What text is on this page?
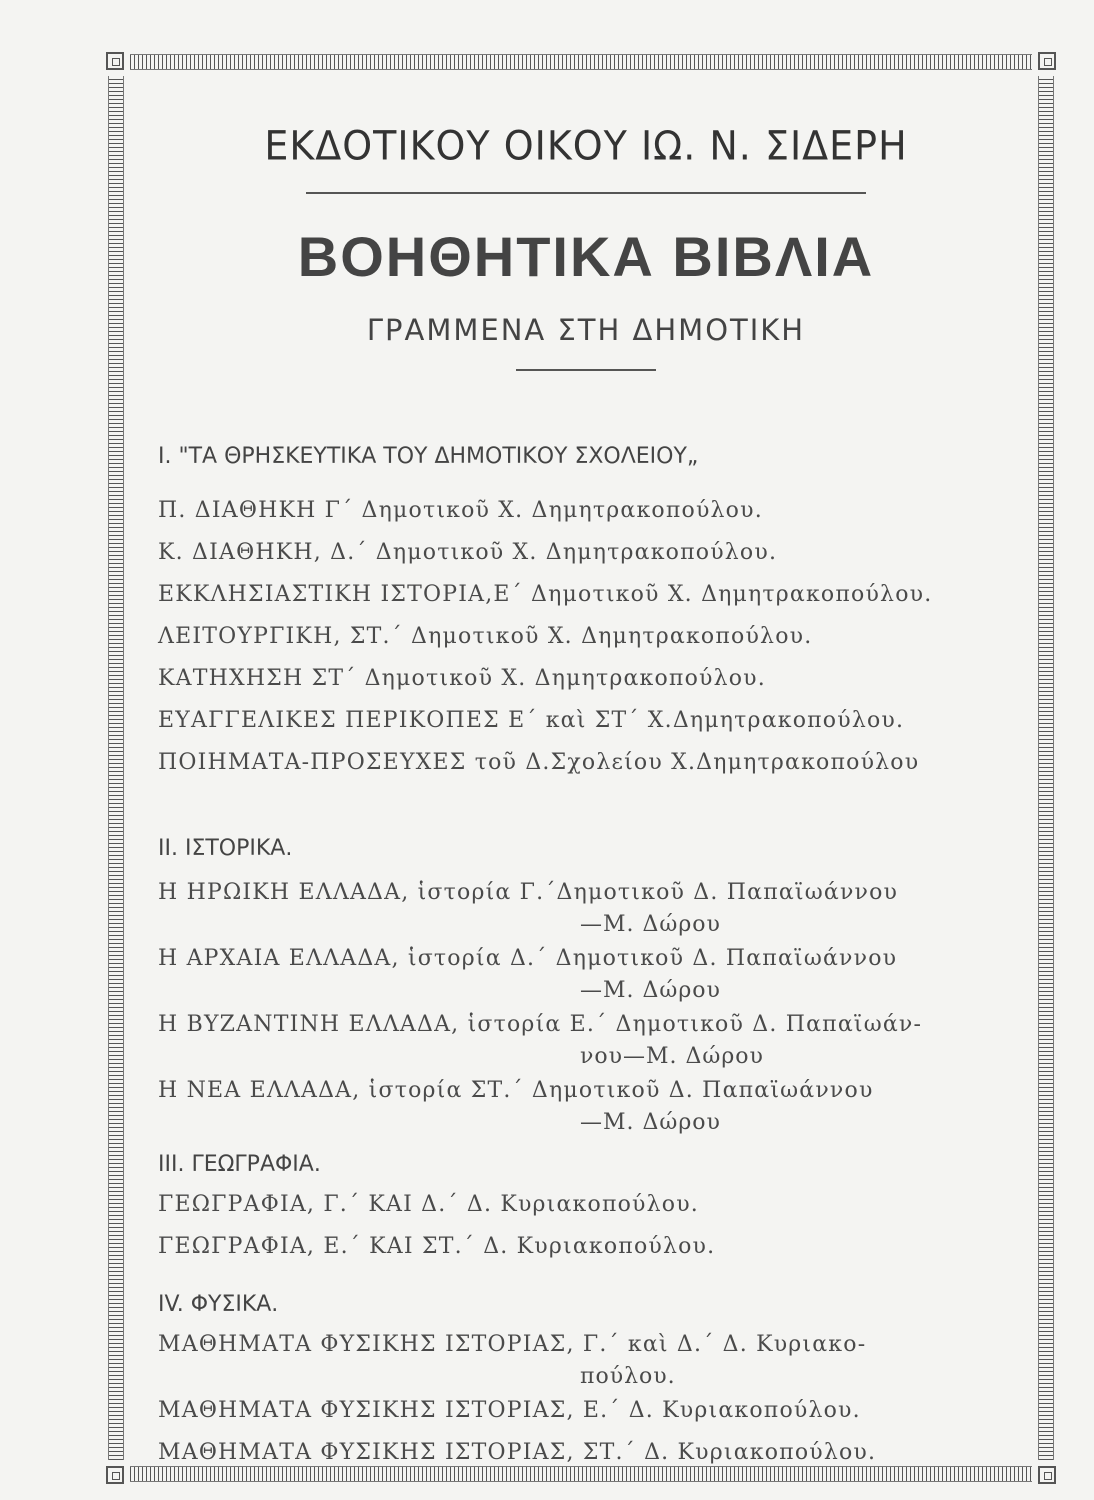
ΕΚΔΟΤΙΚΟΥ ΟΙΚΟΥ ΙΩ. Ν. ΣΙΔΕΡΗ
ΒΟΗΘΗΤΙΚΑ ΒΙΒΛΙΑ
ΓΡΑΜΜΕΝΑ ΣΤΗ ΔΗΜΟΤΙΚΗ
I. "ΤΑ ΘΡΗΣΚΕΥΤΙΚΑ ΤΟΥ ΔΗΜΟΤΙΚΟΥ ΣΧΟΛΕΙΟΥ„
Π. ΔΙΑΘΗΚΗ Γ΄ Δημοτικοῦ Χ. Δημητρακοπούλου.
Κ. ΔΙΑΘΗΚΗ, Δ.΄ Δημοτικοῦ Χ. Δημητρακοπούλου.
ΕΚΚΛΗΣΙΑΣΤΙΚΗ ΙΣΤΟΡΙΑ,Ε΄ Δημοτικοῦ Χ. Δημητρακοπούλου.
ΛΕΙΤΟΥΡΓΙΚΗ, ΣΤ.΄ Δημοτικοῦ Χ. Δημητρακοπούλου.
ΚΑΤΗΧΗΣΗ ΣΤ΄ Δημοτικοῦ Χ. Δημητρακοπούλου.
ΕΥΑΓΓΕΛΙΚΕΣ ΠΕΡΙΚΟΠΕΣ Ε΄ καὶ ΣΤ΄ Χ.Δημητρακοπούλου.
ΠΟΙΗΜΑΤΑ-ΠΡΟΣΕΥΧΕΣ τοῦ Δ.Σχολείου Χ.Δημητρακοπούλου
II. ΙΣΤΟΡΙΚΑ.
Η ΗΡΩΙΚΗ ΕΛΛΑΔΑ, ἱστορία Γ.΄Δημοτικοῦ Δ. Παπαϊωάννου
—Μ. Δώρου
Η ΑΡΧΑΙΑ ΕΛΛΑΔΑ, ἱστορία Δ.΄ Δημοτικοῦ Δ. Παπαϊωάννου
—Μ. Δώρου
Η ΒΥΖΑΝΤΙΝΗ ΕΛΛΑΔΑ, ἱστορία Ε.΄ Δημοτικοῦ Δ. Παπαϊωάν-
νου—Μ. Δώρου
Η ΝΕΑ ΕΛΛΑΔΑ, ἱστορία ΣΤ.΄ Δημοτικοῦ Δ. Παπαϊωάννου
—Μ. Δώρου
III. ΓΕΩΓΡΑΦΙΑ.
ΓΕΩΓΡΑΦΙΑ, Γ.΄ ΚΑΙ Δ.΄ Δ. Κυριακοπούλου.
ΓΕΩΓΡΑΦΙΑ, Ε.΄ ΚΑΙ ΣΤ.΄ Δ. Κυριακοπούλου.
IV. ΦΥΣΙΚΑ.
ΜΑΘΗΜΑΤΑ ΦΥΣΙΚΗΣ ΙΣΤΟΡΙΑΣ, Γ.΄ καὶ Δ.΄ Δ. Κυριακο-
πούλου.
ΜΑΘΗΜΑΤΑ ΦΥΣΙΚΗΣ ΙΣΤΟΡΙΑΣ, Ε.΄ Δ. Κυριακοπούλου.
ΜΑΘΗΜΑΤΑ ΦΥΣΙΚΗΣ ΙΣΤΟΡΙΑΣ, ΣΤ.΄ Δ. Κυριακοπούλου.
